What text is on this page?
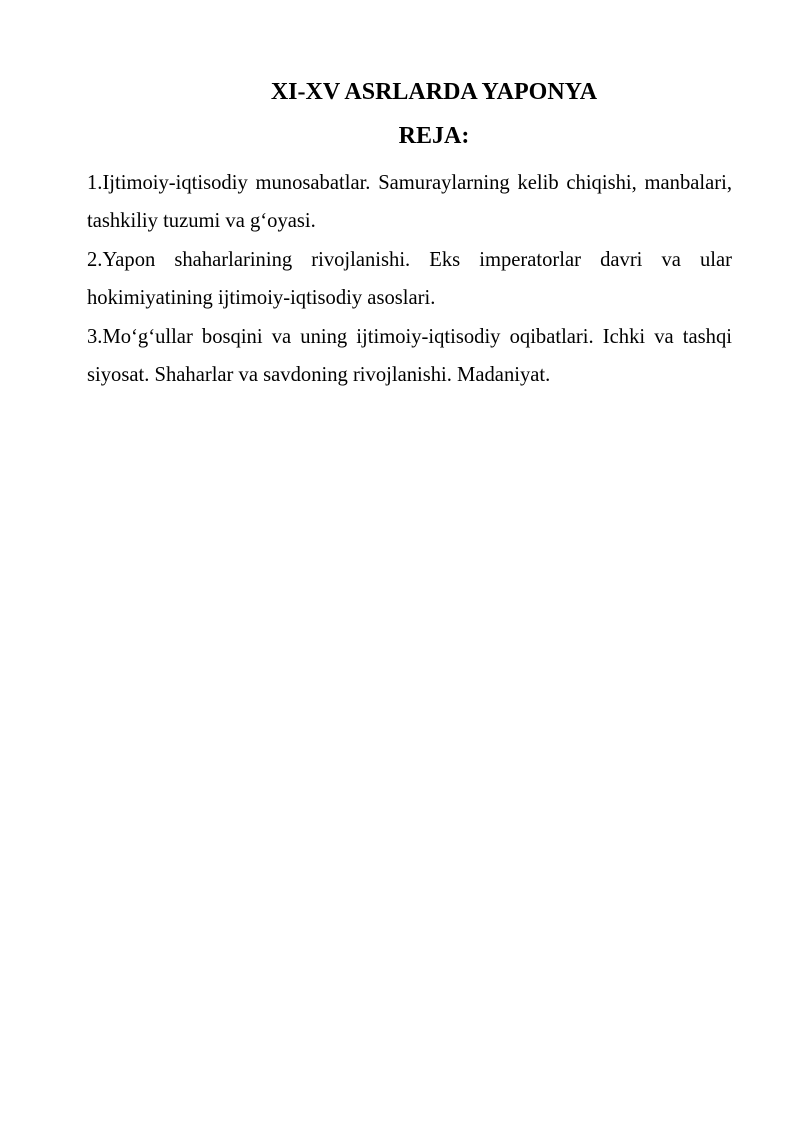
XI-XV ASRLARDA YAPONYA
REJA:

1.Ijtimoiy-iqtisodiy munosabatlar. Samuraylarning kelib chiqishi, manbalari, tashkiliy tuzumi va g‘oyasi.

2.Yapon shaharlarining rivojlanishi. Eks imperatorlar davri va ular hokimiyatining ijtimoiy-iqtisodiy asoslari.

3.Mo‘g‘ullar bosqini va uning ijtimoiy-iqtisodiy oqibatlari. Ichki va tashqi siyosat. Shaharlar va savdoning rivojlanishi. Madaniyat.
